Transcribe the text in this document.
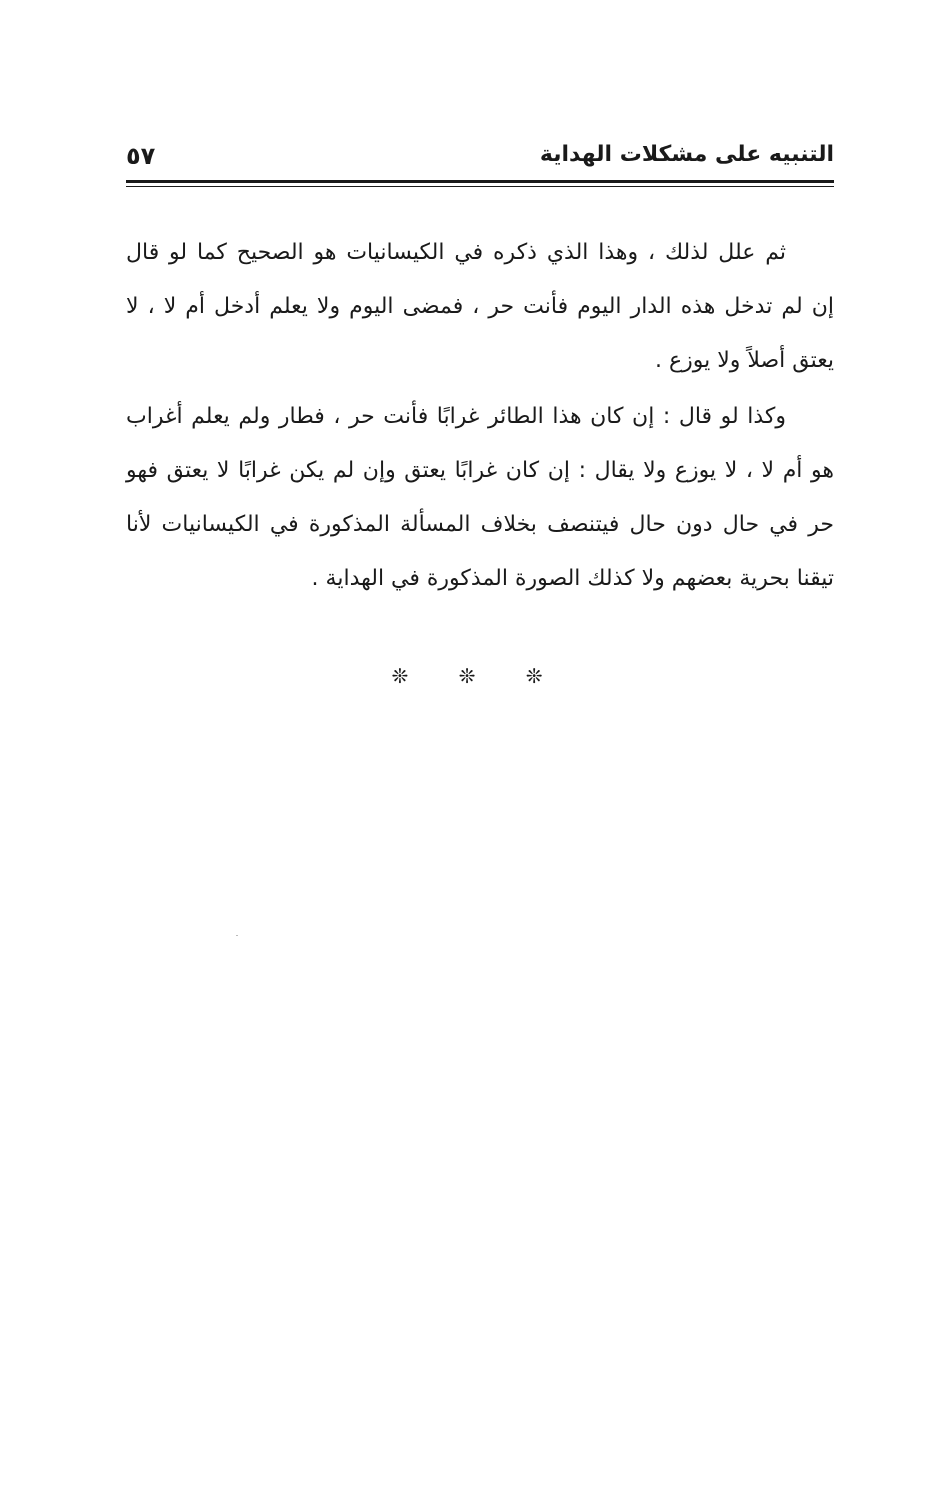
التنبيه على مشكلات الهداية
٥٧

ثم علل لذلك ، وهذا الذي ذكره في الكيسانيات هو الصحيح كما لو قال
إن لم تدخل هذه الدار اليوم فأنت حر ، فمضى اليوم ولا يعلم أدخل أم لا ، لا
يعتق أصلاً ولا يوزع .

وكذا لو قال : إن كان هذا الطائر غرابًا فأنت حر ، فطار ولم يعلم أغراب
هو أم لا ، لا يوزع ولا يقال : إن كان غرابًا يعتق وإن لم يكن غرابًا لا يعتق فهو
حر في حال دون حال فيتنصف بخلاف المسألة المذكورة في الكيسانيات لأنا
تيقنا بحرية بعضهم ولا كذلك الصورة المذكورة في الهداية .

❊ ❊ ❊
